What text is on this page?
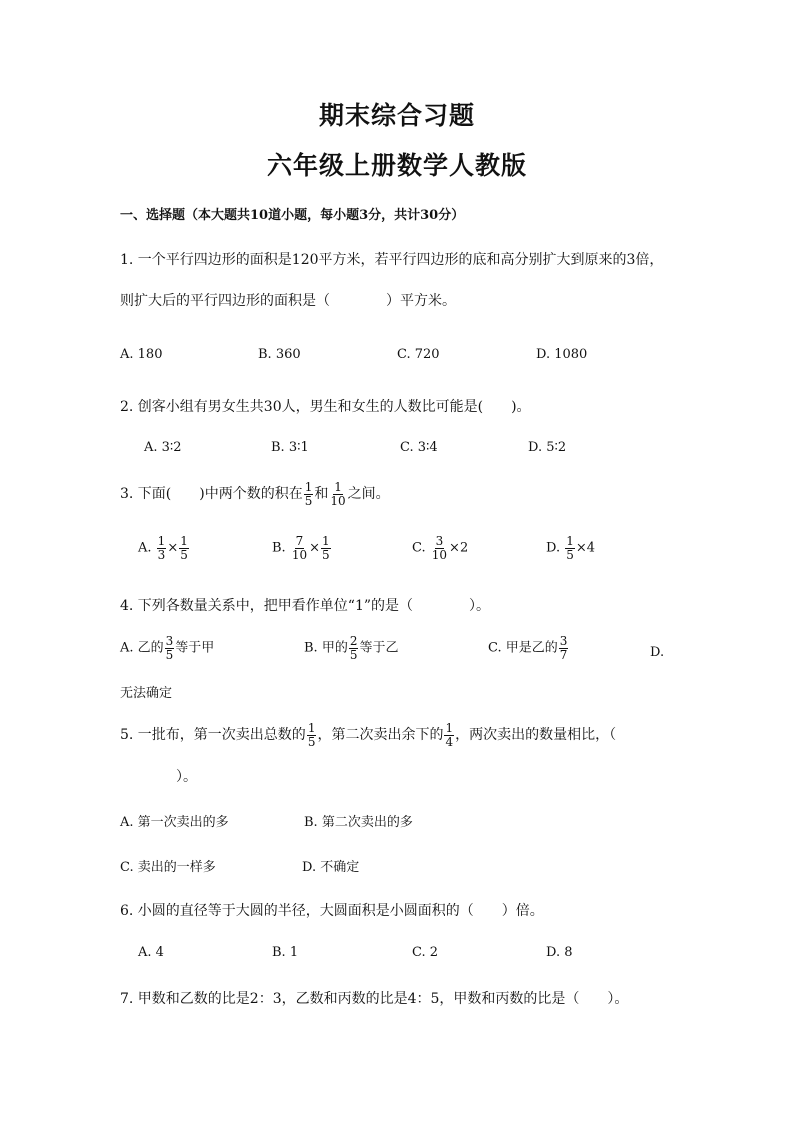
期末综合习题
六年级上册数学人教版
一、选择题（本大题共10道小题，每小题3分，共计30分）
1. 一个平行四边形的面积是120平方米，若平行四边形的底和高分别扩大到原来的3倍，
则扩大后的平行四边形的面积是（　　　　）平方米。
A. 180	B. 360	C. 720	D. 1080
2. 创客小组有男女生共30人，男生和女生的人数比可能是(　　)。
A. 3∶2	B. 3∶1	C. 3∶4	D. 5∶2
3. 下面(　　)中两个数的积在 $\frac{1}{5}$ 和 $\frac{1}{10}$ 之间。
A. $\frac{1}{3} \times \frac{1}{5}$	B. $\frac{7}{10} \times \frac{1}{5}$	C. $\frac{3}{10} \times 2$	D. $\frac{1}{5} \times 4$
4. 下列各数量关系中，把甲看作单位“1”的是（　　　　）。
A. 乙的 $\frac{3}{5}$ 等于甲	B. 甲的 $\frac{2}{5}$ 等于乙	C. 甲是乙的 $\frac{3}{7}$	D.
无法确定
5. 一批布，第一次卖出总数的 $\frac{1}{5}$ ，第二次卖出余下的 $\frac{1}{4}$ ，两次卖出的数量相比，（
）。
A. 第一次卖出的多	B. 第二次卖出的多
C. 卖出的一样多	D. 不确定
6. 小圆的直径等于大圆的半径，大圆面积是小圆面积的（　　）倍。
A. 4	B. 1	C. 2	D. 8
7. 甲数和乙数的比是2：3，乙数和丙数的比是4：5，甲数和丙数的比是（　　）。
